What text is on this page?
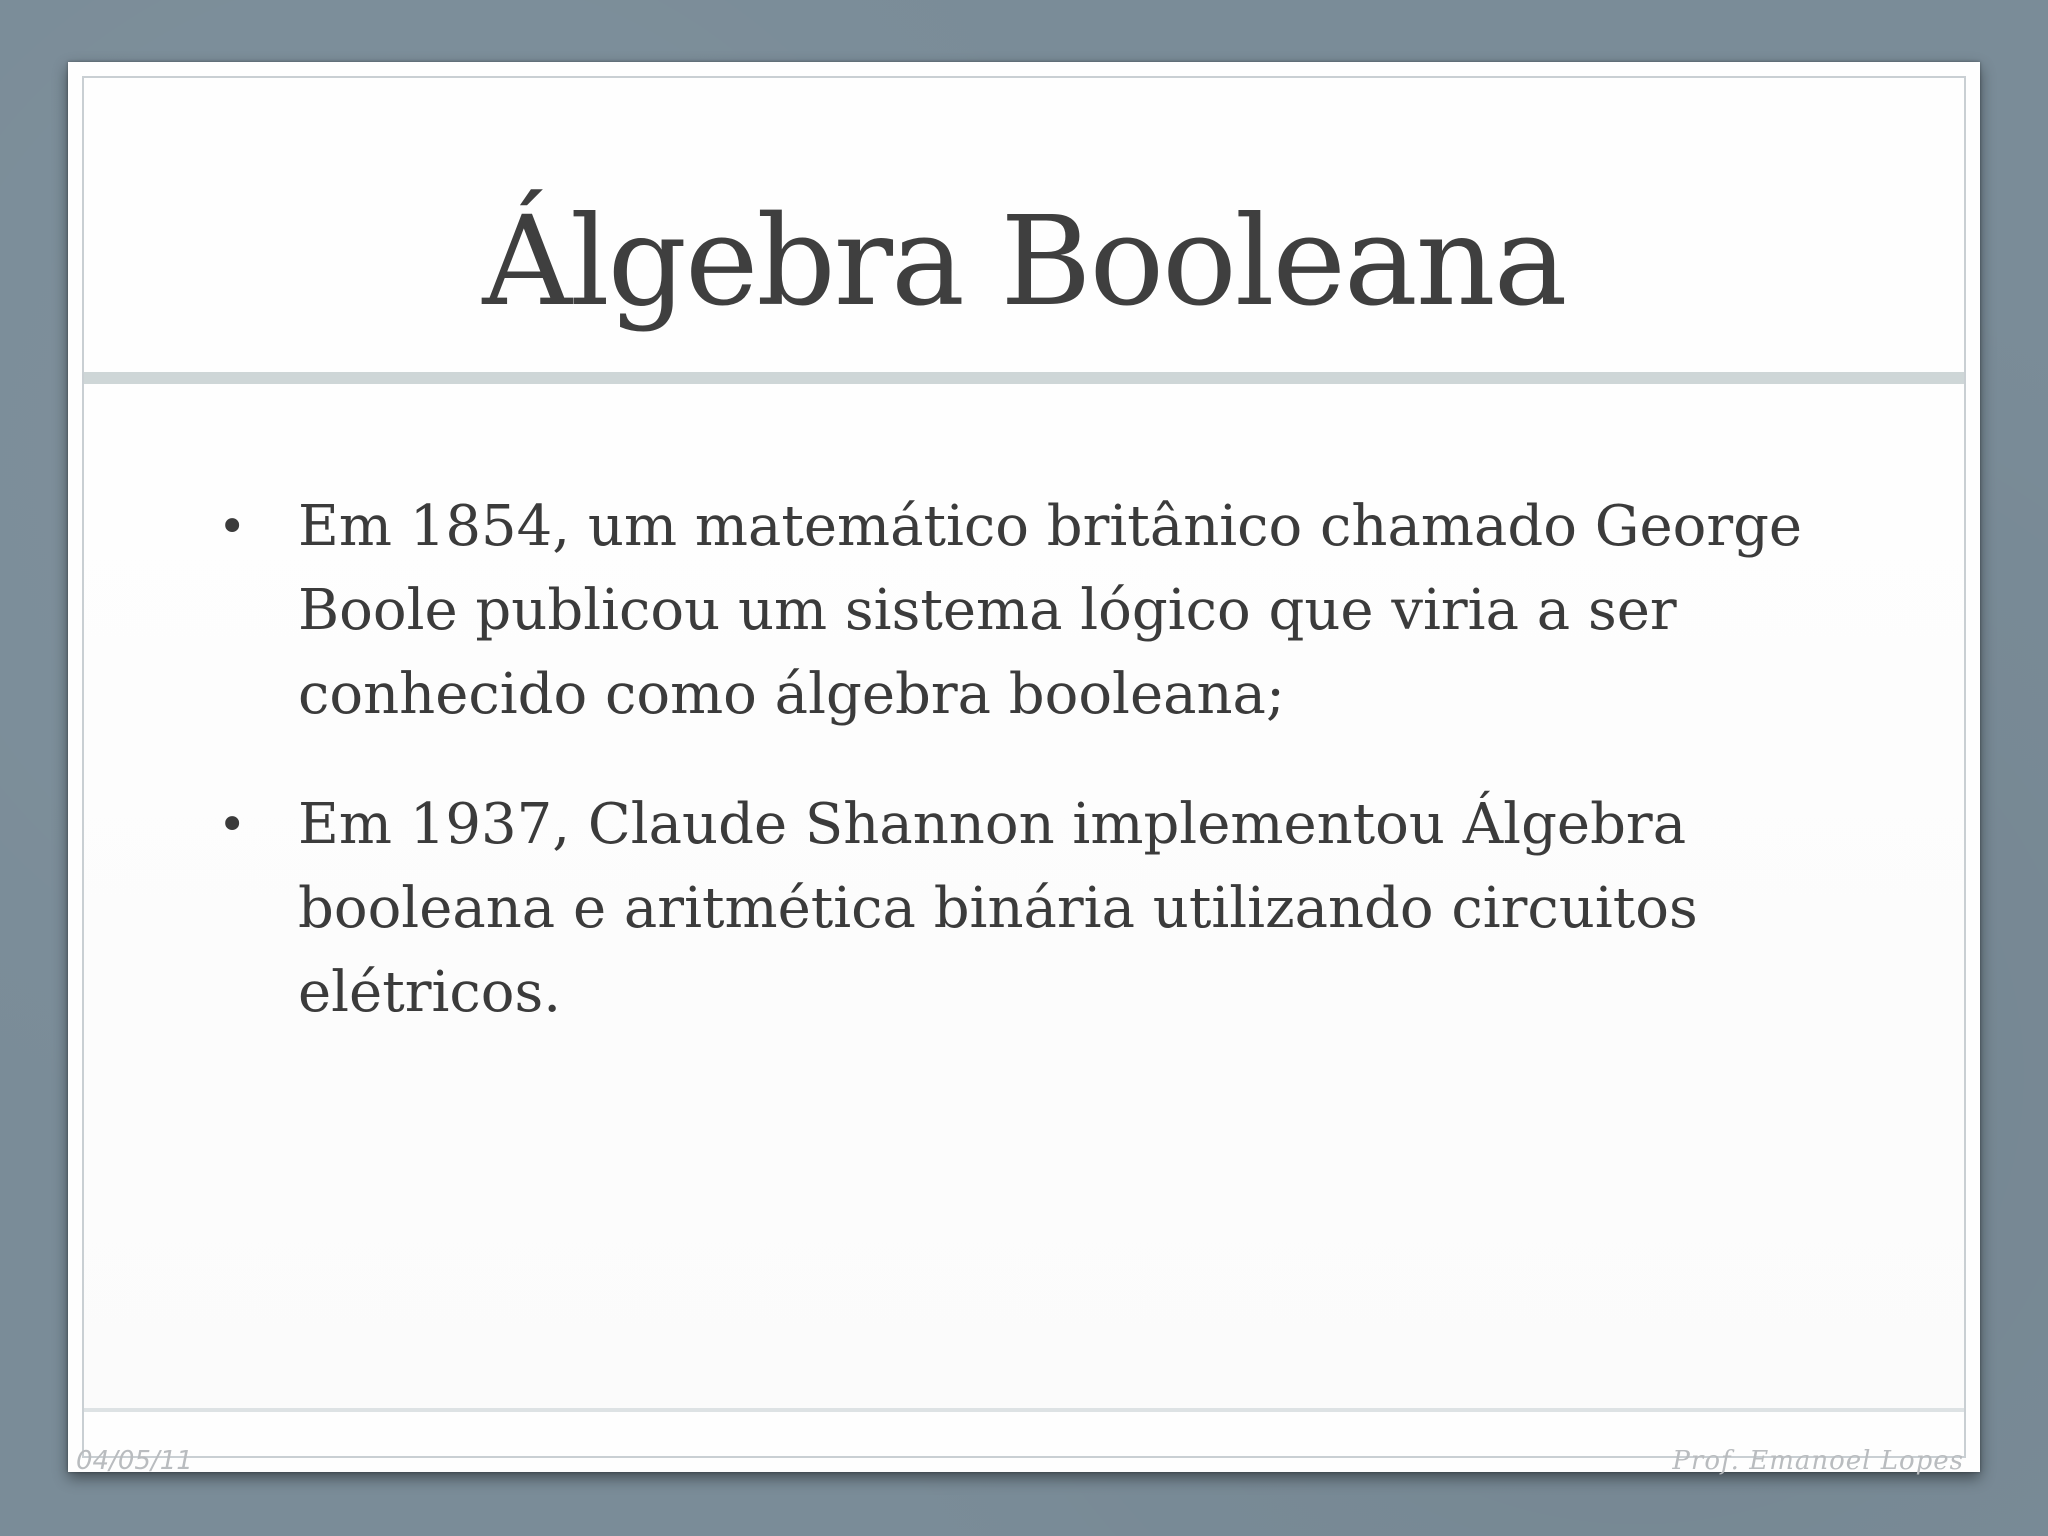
Álgebra Booleana
04/05/11	Prof. Emanoel Lopes
• Em 1854, um matemático britânico chamado George Boole publicou um sistema lógico que viria a ser conhecido como álgebra booleana;
• Em 1937, Claude Shannon implementou Álgebra booleana e aritmética binária utilizando circuitos elétricos.
